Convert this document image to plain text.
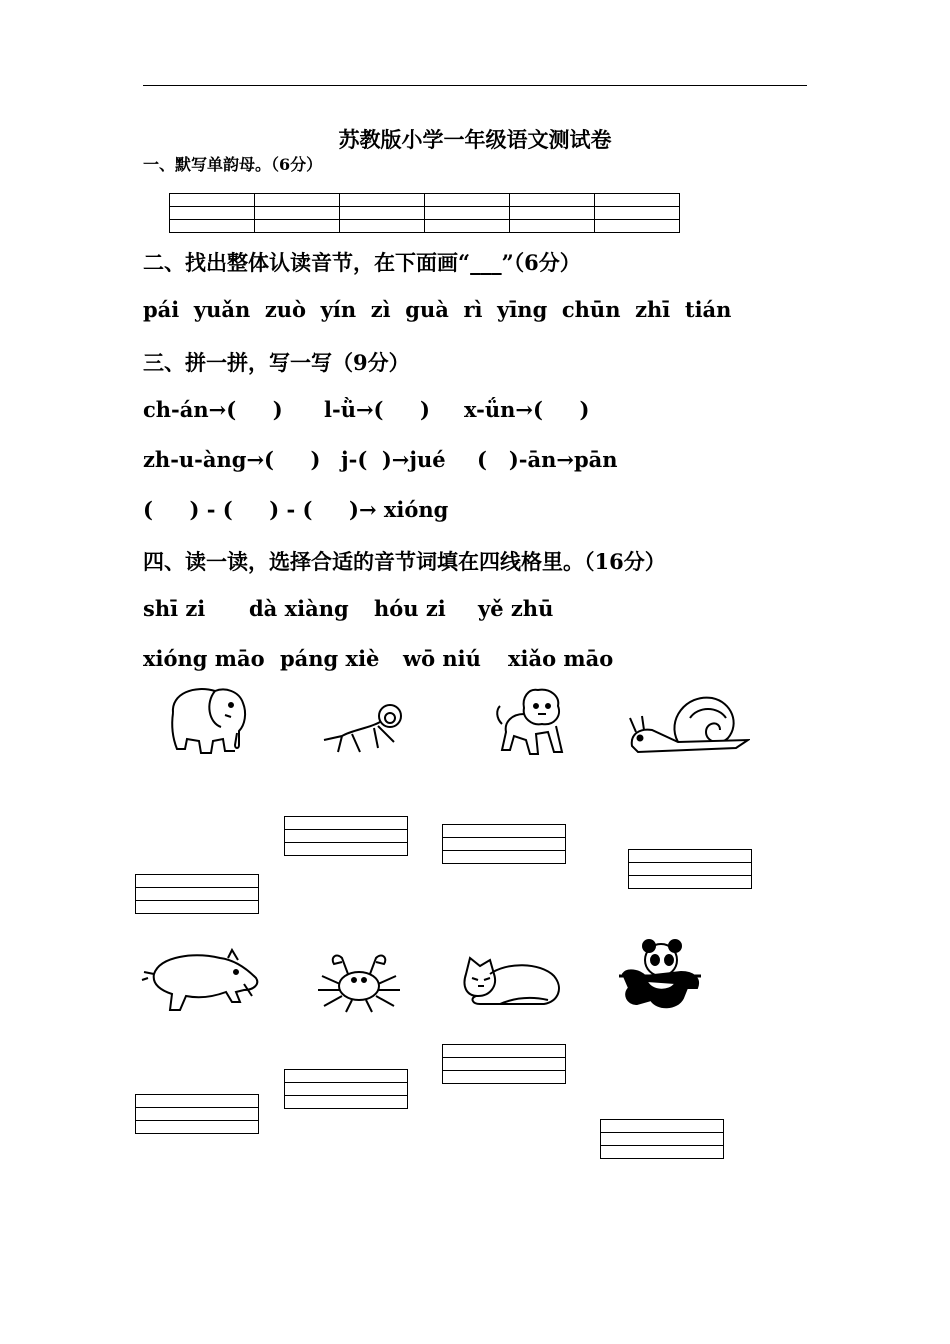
苏教版小学一年级语文测试卷
一、默写单韵母。（6分）

二、找出整体认读音节，在下面画“___”（6分）
pái  yuǎn  zuò  yín  zì  guà  rì  yīng  chūn  zhī  tián
三、拼一拼，写一写（9分）
ch-án→(     ) l-ǜ→(     ) x-ǘn→(     )
zh-u-àng→(     ) j-(  )→jué (   )-ān→pān
(     ) - (     ) - (     )→ xióng
四、读一读，选择合适的音节词填在四线格里。（16分）
shī zi dà xiàng hóu zi yě zhū
xióng māo páng xiè wō niú xiǎo māo
